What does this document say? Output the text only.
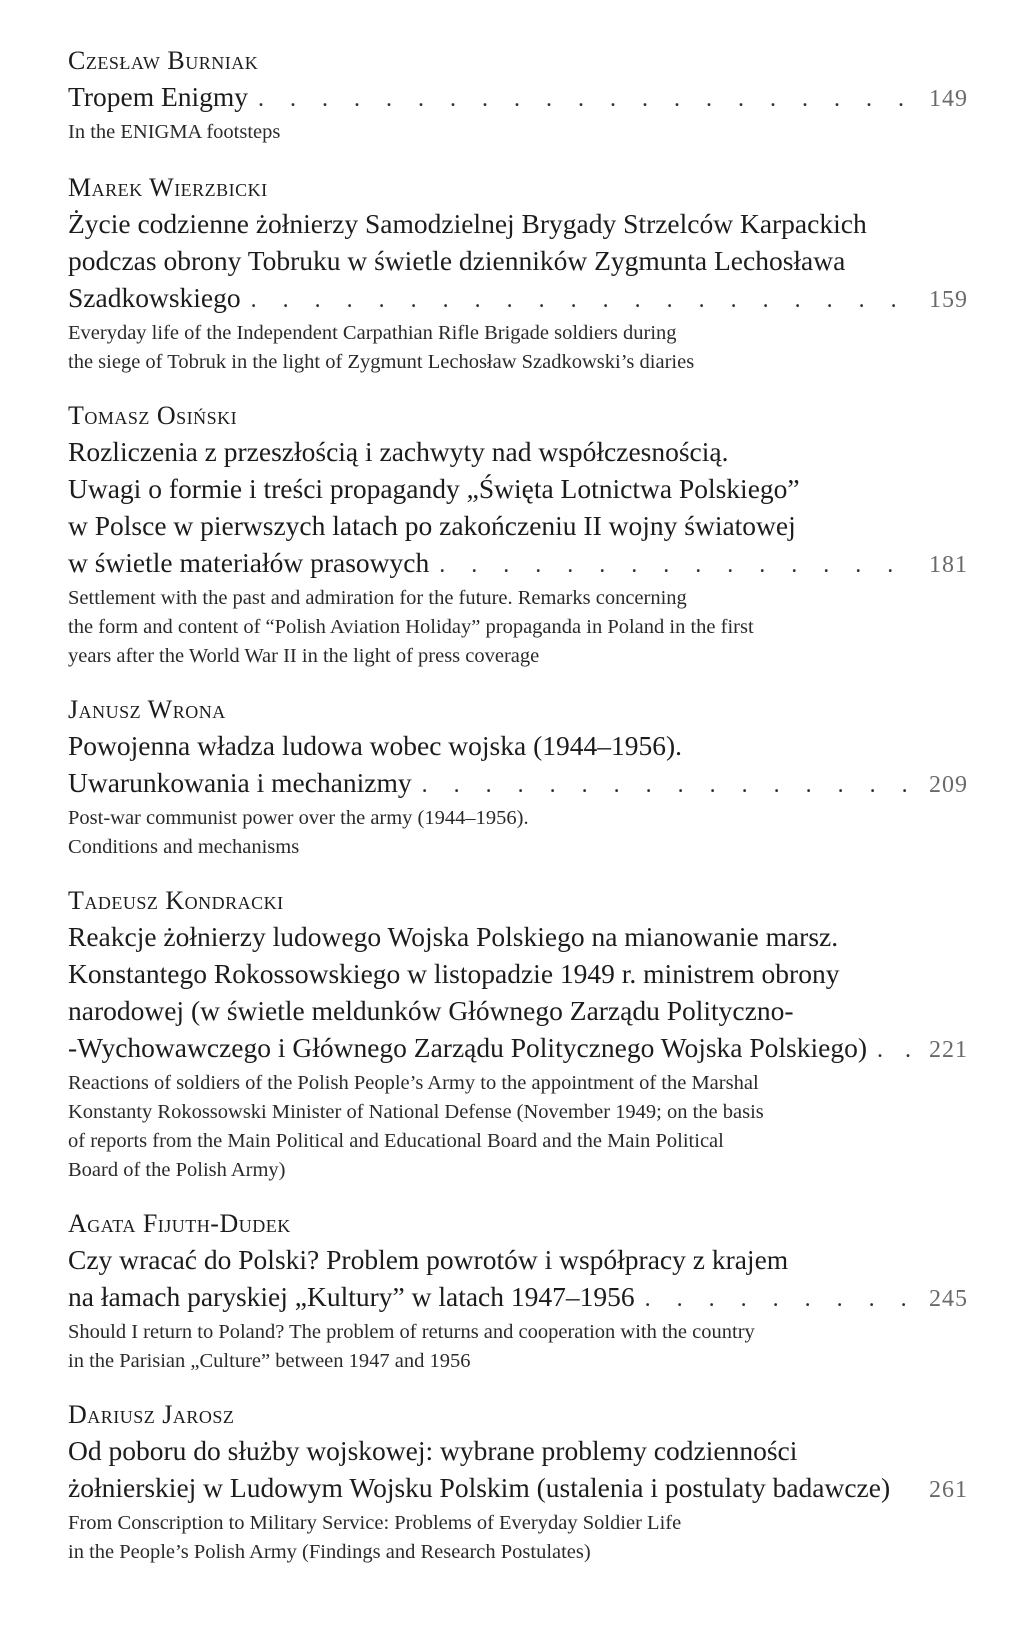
Czesław Burniak
Tropem Enigmy . . .	149
In the ENIGMA footsteps
Marek Wierzbicki
Życie codzienne żołnierzy Samodzielnej Brygady Strzelców Karpackich
podczas obrony Tobruku w świetle dzienników Zygmunta Lechosława
Szadkowskiego . . .	159
Everyday life of the Independent Carpathian Rifle Brigade soldiers during
the siege of Tobruk in the light of Zygmunt Lechosław Szadkowski’s diaries
Tomasz Osiński
Rozliczenia z przeszłością i zachwyty nad współczesnością.
Uwagi o formie i treści propagandy „Święta Lotnictwa Polskiego”
w Polsce w pierwszych latach po zakończeniu II wojny światowej
w świetle materiałów prasowych . . .	181
Settlement with the past and admiration for the future. Remarks concerning
the form and content of “Polish Aviation Holiday” propaganda in Poland in the first
years after the World War II in the light of press coverage
Janusz Wrona
Powojenna władza ludowa wobec wojska (1944–1956).
Uwarunkowania i mechanizmy . . .	209
Post-war communist power over the army (1944–1956).
Conditions and mechanisms
Tadeusz Kondracki
Reakcje żołnierzy ludowego Wojska Polskiego na mianowanie marsz.
Konstantego Rokossowskiego w listopadzie 1949 r. ministrem obrony
narodowej (w świetle meldunków Głównego Zarządu Polityczno-
-Wychowawczego i Głównego Zarządu Politycznego Wojska Polskiego) . . .	221
Reactions of soldiers of the Polish People’s Army to the appointment of the Marshal
Konstanty Rokossowski Minister of National Defense (November 1949; on the basis
of reports from the Main Political and Educational Board and the Main Political
Board of the Polish Army)
Agata Fijuth-Dudek
Czy wracać do Polski? Problem powrotów i współpracy z krajem
na łamach paryskiej „Kultury” w latach 1947–1956 . . .	245
Should I return to Poland? The problem of returns and cooperation with the country
in the Parisian „Culture” between 1947 and 1956
Dariusz Jarosz
Od poboru do służby wojskowej: wybrane problemy codzienności
żołnierskiej w Ludowym Wojsku Polskim (ustalenia i postulaty badawcze) 261
From Conscription to Military Service: Problems of Everyday Soldier Life
in the People’s Polish Army (Findings and Research Postulates)
